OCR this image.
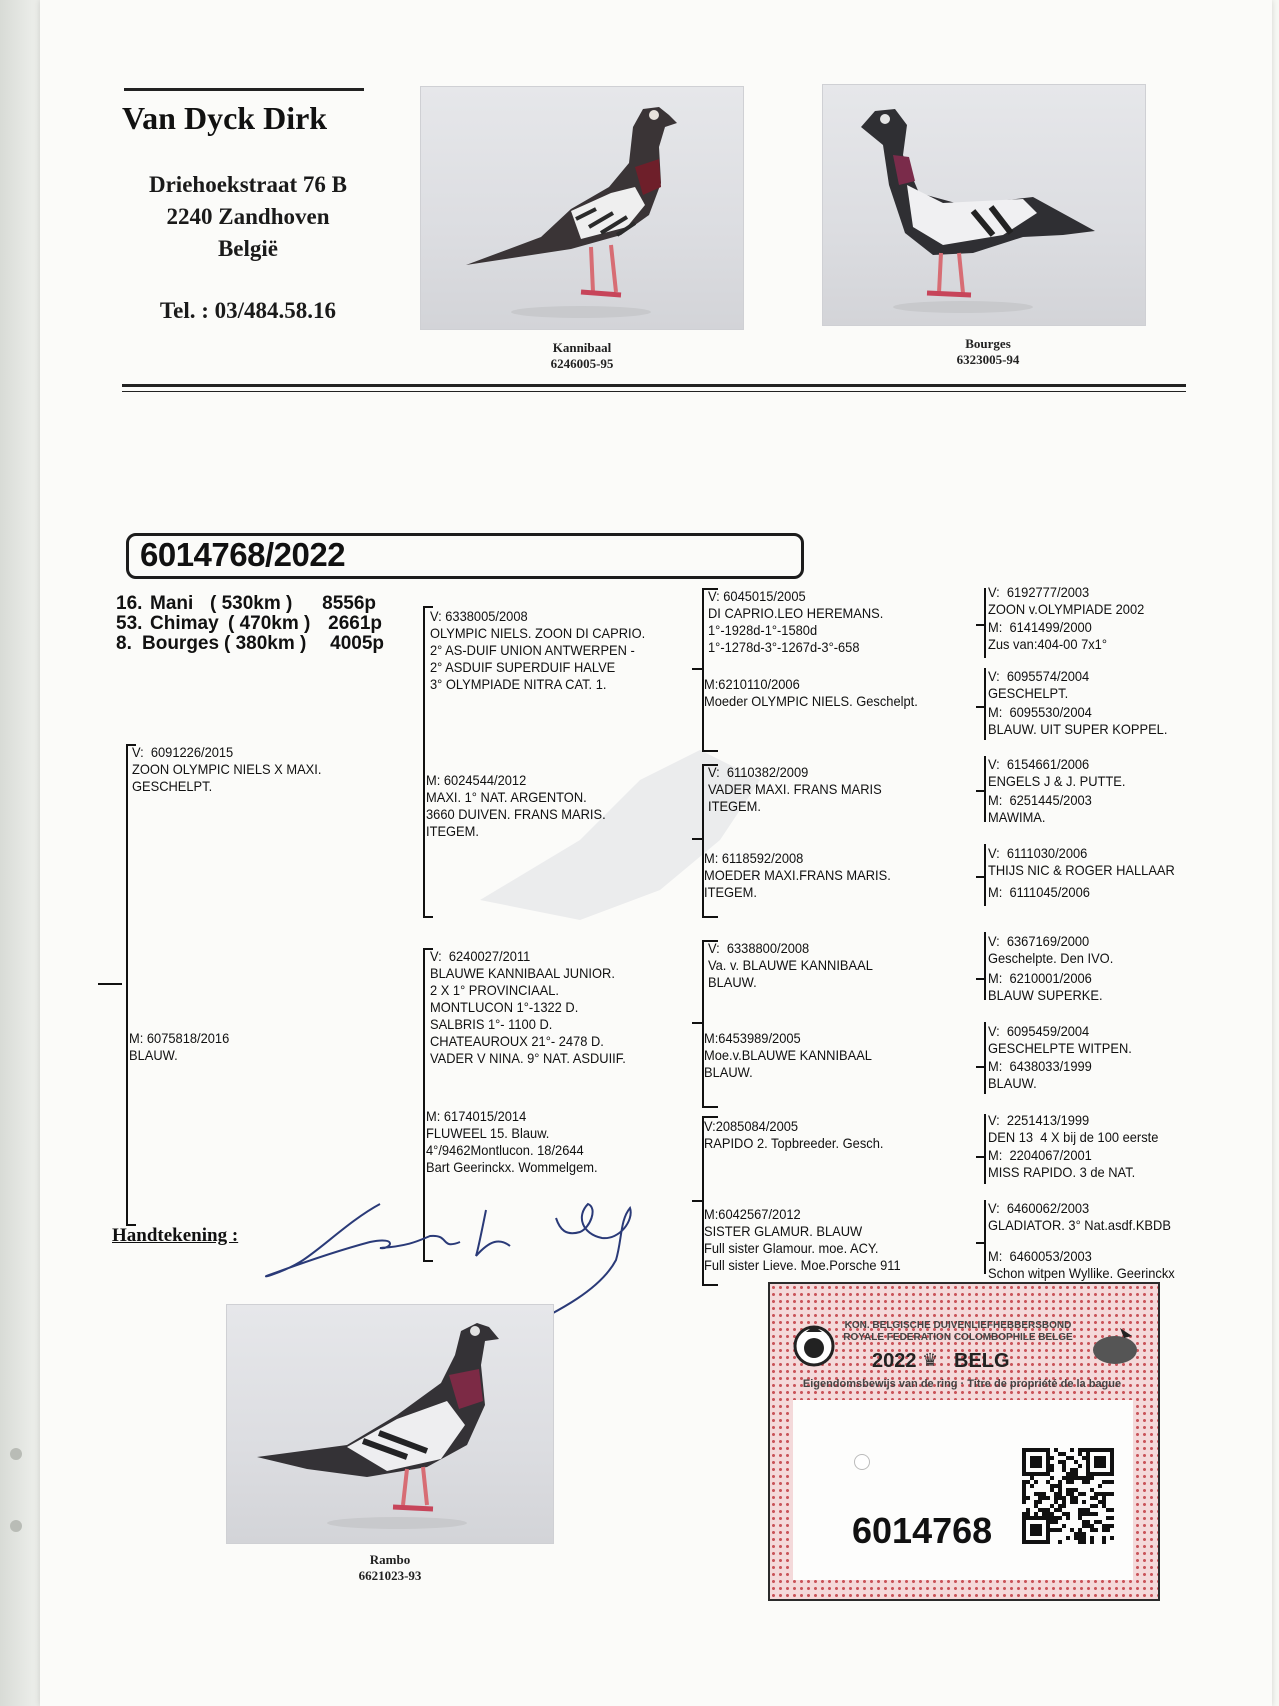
Van Dyck Dirk
Driehoekstraat 76 B
2240 Zandhoven
België
Tel. : 03/484.58.16
Kannibaal
6246005-95
Bourges
6323005-94
6014768/2022
16. Mani ( 530km )	8556p
53. Chimay ( 470km ) 2661p
8. Bourges ( 380km )	4005p
V:  6091226/2015
ZOON OLYMPIC NIELS X MAXI.
GESCHELPT.
M: 6075818/2016
BLAUW.
V: 6338005/2008
OLYMPIC NIELS. ZOON DI CAPRIO.
2° AS-DUIF UNION ANTWERPEN -
2° ASDUIF SUPERDUIF HALVE
3° OLYMPIADE NITRA CAT. 1.
M: 6024544/2012
MAXI. 1° NAT. ARGENTON.
3660 DUIVEN. FRANS MARIS.
ITEGEM.
V:  6240027/2011
BLAUWE KANNIBAAL JUNIOR.
2 X 1° PROVINCIAAL.
MONTLUCON 1°-1322 D.
SALBRIS 1°- 1100 D.
CHATEAUROUX 21°- 2478 D.
VADER V NINA. 9° NAT. ASDUIIF.
M: 6174015/2014
FLUWEEL 15. Blauw.
4°/9462Montlucon. 18/2644
Bart Geerinckx. Wommelgem.
V: 6045015/2005
DI CAPRIO.LEO HEREMANS.
1°-1928d-1°-1580d
1°-1278d-3°-1267d-3°-658
M:6210110/2006
Moeder OLYMPIC NIELS. Geschelpt.
V:  6110382/2009
VADER MAXI. FRANS MARIS
ITEGEM.
M: 6118592/2008
MOEDER MAXI.FRANS MARIS.
ITEGEM.
V:  6338800/2008
Va. v. BLAUWE KANNIBAAL
BLAUW.
M:6453989/2005
Moe.v.BLAUWE KANNIBAAL
BLAUW.
V:2085084/2005
RAPIDO 2. Topbreeder. Gesch.
M:6042567/2012
SISTER GLAMUR. BLAUW
Full sister Glamour. moe. ACY.
Full sister Lieve. Moe.Porsche 911
V:  6192777/2003
ZOON v.OLYMPIADE 2002
M:  6141499/2000
Zus van:404-00 7x1°
V:  6095574/2004
GESCHELPT.
M:  6095530/2004
BLAUW. UIT SUPER KOPPEL.
V:  6154661/2006
ENGELS J & J. PUTTE.
M:  6251445/2003
MAWIMA.
V:  6111030/2006
THIJS NIC & ROGER HALLAAR
M:  6111045/2006
V:  6367169/2000
Geschelpte. Den IVO.
M:  6210001/2006
BLAUW SUPERKE.
V:  6095459/2004
GESCHELPTE WITPEN.
M:  6438033/1999
BLAUW.
V:  2251413/1999
DEN 13  4 X bij de 100 eerste
M:  2204067/2001
MISS RAPIDO. 3 de NAT.
V:  6460062/2003
GLADIATOR. 3° Nat.asdf.KBDB
M:  6460053/2003
Schon witpen Wyllike. Geerinckx
Handtekening :
Rambo
6621023-93
KON. BELGISCHE DUIVENLIEFHEBBERSBOND
ROYALE FEDERATION COLOMBOPHILE BELGE
2022 ♛ BELG
Eigendomsbewijs van de ring · Titre de propriété de la bague
6014768
